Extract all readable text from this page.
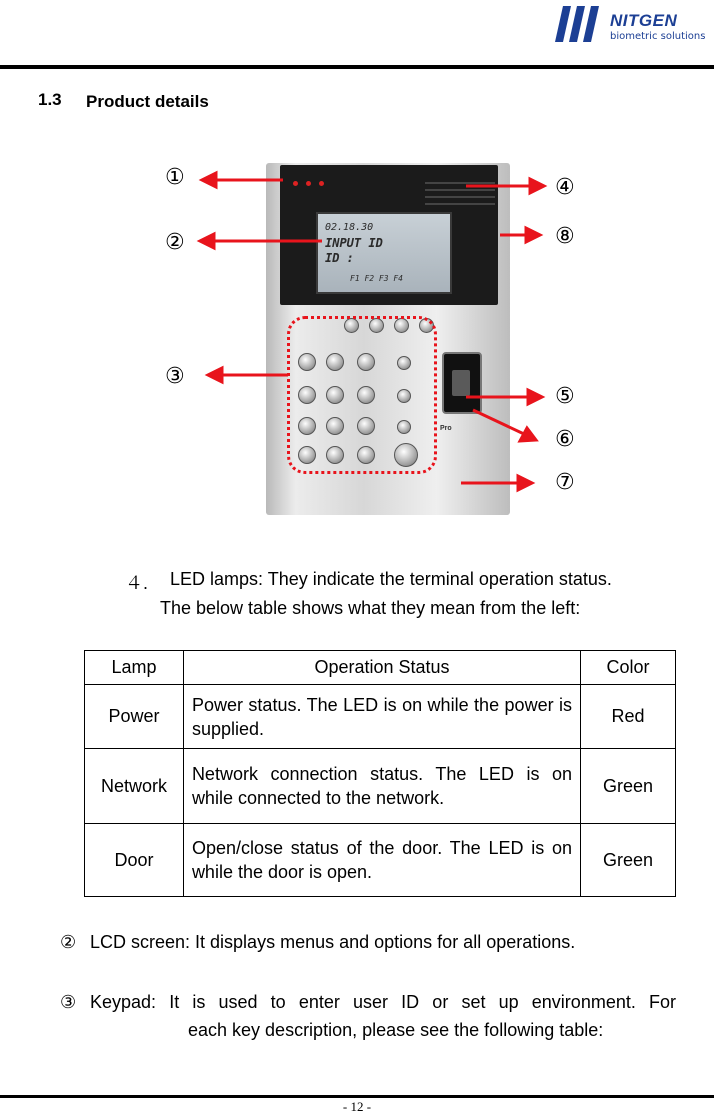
NITGEN
biometric solutions
1.3 Product details
02.18.30
INPUT ID
ID :
F1 F2 F3 F4
Pro
①
②
③
④
⑧
⑤
⑥
⑦
４. LED lamps: They indicate the terminal operation status.
The below table shows what they mean from the left:
Lamp	Operation Status	Color
Power	Power status. The LED is on while the power is supplied.	Red
Network	Network connection status. The LED is on while connected to the network.	Green
Door	Open/close status of the door. The LED is on while the door is open.	Green
② LCD screen: It displays menus and options for all operations.
③ Keypad: It is used to enter user ID or set up environment. For
each key description, please see the following table:
- 12 -
